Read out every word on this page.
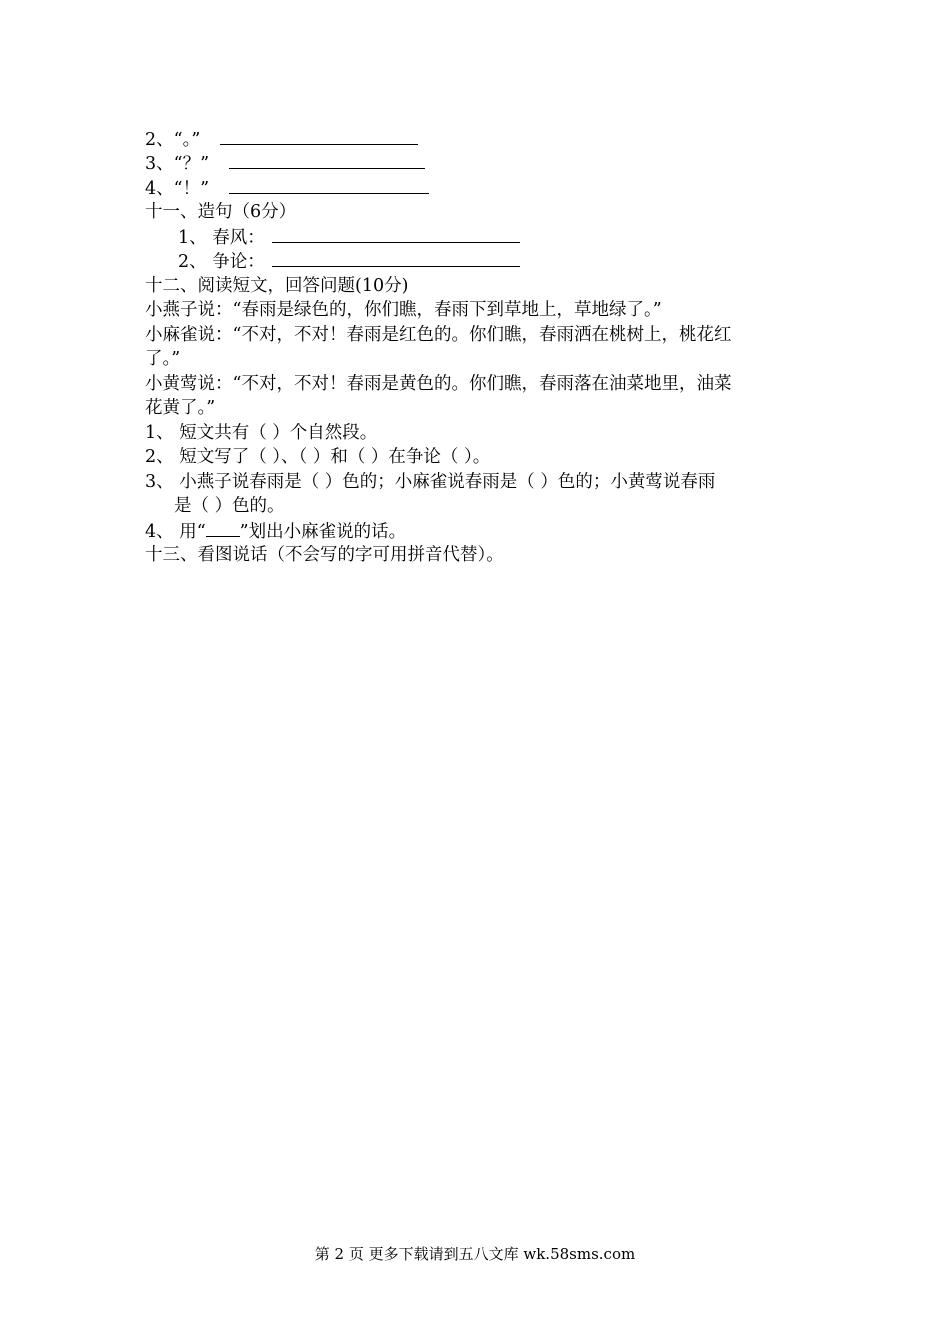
2、“。”
3、“？”
4、“！”
十一、造句（6分）
1、 春风：
2、 争论：
十二、阅读短文，回答问题(10分)
小燕子说：“春雨是绿色的，你们瞧，春雨下到草地上，草地绿了。”
小麻雀说：“不对，不对！春雨是红色的。你们瞧，春雨洒在桃树上，桃花红
了。”
小黄莺说：“不对，不对！春雨是黄色的。你们瞧，春雨落在油菜地里，油菜
花黄了。”
1、 短文共有（ ）个自然段。
2、 短文写了（ ）、（ ）和（ ）在争论（ ）。
3、 小燕子说春雨是（ ）色的；小麻雀说春雨是（ ）色的；小黄莺说春雨
是（ ）色的。
4、 用“ ”划出小麻雀说的话。
十三、看图说话（不会写的字可用拼音代替）。
第 2 页 更多下载请到五八文库 wk.58sms.com
